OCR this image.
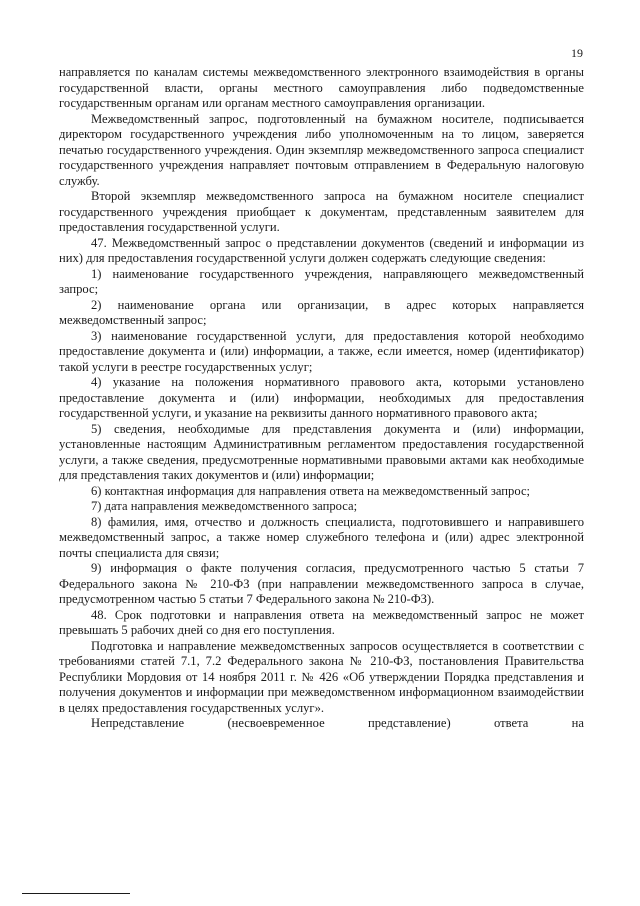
19

направляется по каналам системы межведомственного электронного взаимодействия в органы государственной власти, органы местного самоуправления либо подведомственные государственным органам или органам местного самоуправления организации.

Межведомственный запрос, подготовленный на бумажном носителе, подписывается директором государственного учреждения либо уполномоченным на то лицом, заверяется печатью государственного учреждения. Один экземпляр межведомственного запроса специалист государственного учреждения направляет почтовым отправлением в Федеральную налоговую службу.

Второй экземпляр межведомственного запроса на бумажном носителе специалист государственного учреждения приобщает к документам, представленным заявителем для предоставления государственной услуги.

47. Межведомственный запрос о представлении документов (сведений и информации из них) для предоставления государственной услуги должен содержать следующие сведения:

1) наименование государственного учреждения, направляющего межведомственный запрос;

2) наименование органа или организации, в адрес которых направляется межведомственный запрос;

3) наименование государственной услуги, для предоставления которой необходимо предоставление документа и (или) информации, а также, если имеется, номер (идентификатор) такой услуги в реестре государственных услуг;

4) указание на положения нормативного правового акта, которыми установлено предоставление документа и (или) информации, необходимых для предоставления государственной услуги, и указание на реквизиты данного нормативного правового акта;

5) сведения, необходимые для представления документа и (или) информации, установленные настоящим Административным регламентом предоставления государственной услуги, а также сведения, предусмотренные нормативными правовыми актами как необходимые для представления таких документов и (или) информации;

6) контактная информация для направления ответа на межведомственный запрос;

7) дата направления межведомственного запроса;

8) фамилия, имя, отчество и должность специалиста, подготовившего и направившего межведомственный запрос, а также номер служебного телефона и (или) адрес электронной почты специалиста для связи;

9) информация о факте получения согласия, предусмотренного частью 5 статьи 7 Федерального закона № 210-ФЗ (при направлении межведомственного запроса в случае, предусмотренном частью 5 статьи 7 Федерального закона № 210-ФЗ).

48. Срок подготовки и направления ответа на межведомственный запрос не может превышать 5 рабочих дней со дня его поступления.

Подготовка и направление межведомственных запросов осуществляется в соответствии с требованиями статей 7.1, 7.2 Федерального закона № 210-ФЗ, постановления Правительства Республики Мордовия от 14 ноября 2011 г. № 426 «Об утверждении Порядка представления и получения документов и информации при межведомственном информационном взаимодействии в целях предоставления государственных услуг».

Непредставление (несвоевременное представление) ответа на
